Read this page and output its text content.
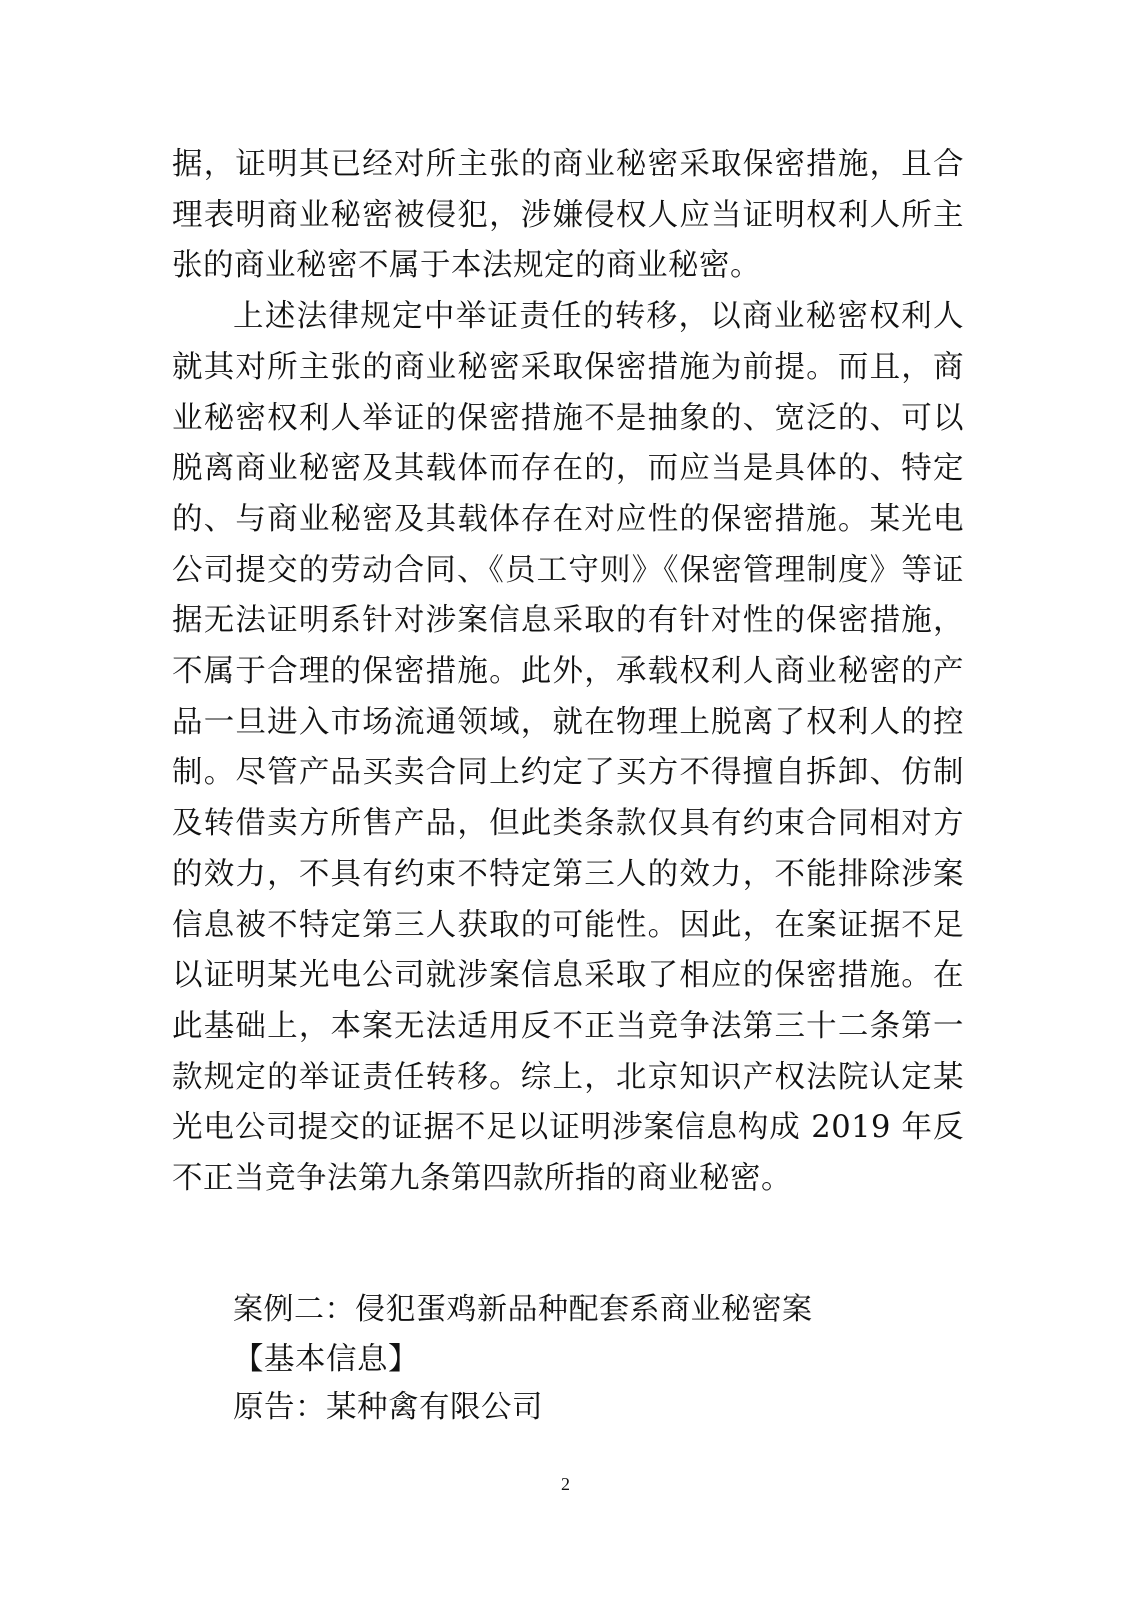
据，证明其已经对所主张的商业秘密采取保密措施，且合理表明商业秘密被侵犯，涉嫌侵权人应当证明权利人所主张的商业秘密不属于本法规定的商业秘密。

上述法律规定中举证责任的转移，以商业秘密权利人就其对所主张的商业秘密采取保密措施为前提。而且，商业秘密权利人举证的保密措施不是抽象的、宽泛的、可以脱离商业秘密及其载体而存在的，而应当是具体的、特定的、与商业秘密及其载体存在对应性的保密措施。某光电公司提交的劳动合同、《员工守则》《保密管理制度》等证据无法证明系针对涉案信息采取的有针对性的保密措施，不属于合理的保密措施。此外，承载权利人商业秘密的产品一旦进入市场流通领域，就在物理上脱离了权利人的控制。尽管产品买卖合同上约定了买方不得擅自拆卸、仿制及转借卖方所售产品，但此类条款仅具有约束合同相对方的效力，不具有约束不特定第三人的效力，不能排除涉案信息被不特定第三人获取的可能性。因此，在案证据不足以证明某光电公司就涉案信息采取了相应的保密措施。在此基础上，本案无法适用反不正当竞争法第三十二条第一款规定的举证责任转移。综上，北京知识产权法院认定某光电公司提交的证据不足以证明涉案信息构成 2019 年反不正当竞争法第九条第四款所指的商业秘密。

案例二：侵犯蛋鸡新品种配套系商业秘密案
【基本信息】
原告：某种禽有限公司
2
